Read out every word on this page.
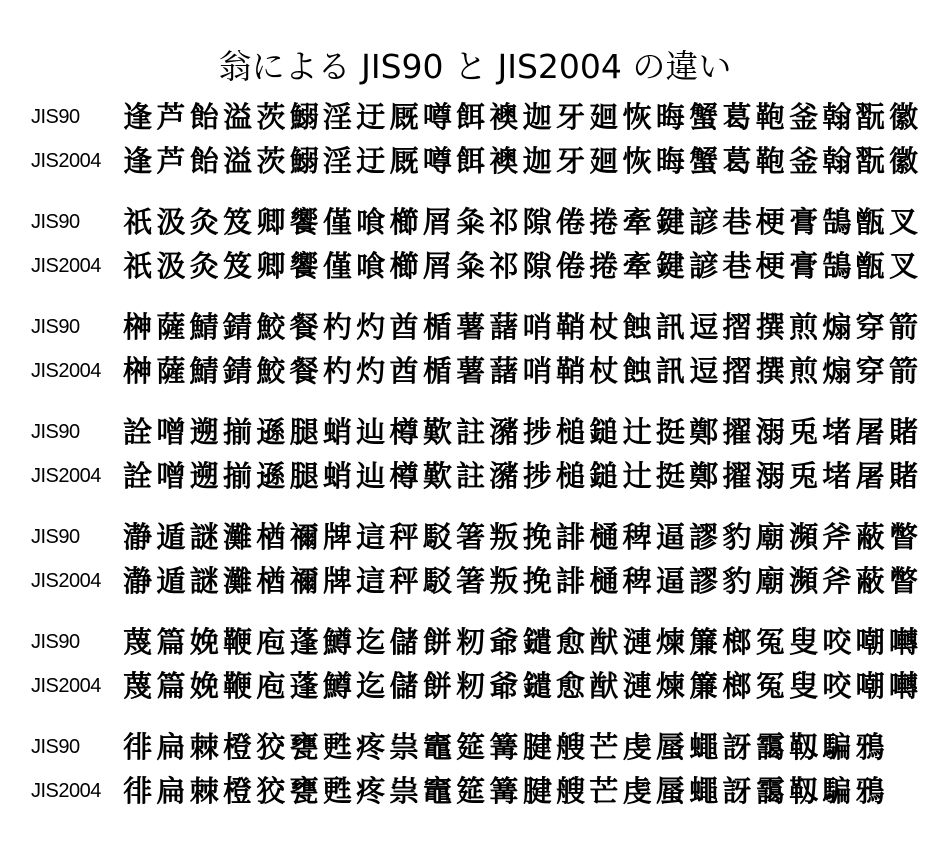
翁による JIS90 と JIS2004 の違い
JIS90 逢 芦 飴 溢 茨 鰯 淫 迂 厩 噂 餌 襖 迦 牙 廻 恢 晦 蟹 葛 鞄 釜 翰 翫 徽
JIS2004 逢 芦 飴 溢 茨 鰯 淫 迂 厩 噂 餌 襖 迦 牙 廻 恢 晦 蟹 葛 鞄 釜 翰 翫 徽
JIS90 祇 汲 灸 笈 卿 饗 僅 喰 櫛 屑 粂 祁 隙 倦 捲 牽 鍵 諺 巷 梗 膏 鵠 甑 叉
JIS2004 祇 汲 灸 笈 卿 饗 僅 喰 櫛 屑 粂 祁 隙 倦 捲 牽 鍵 諺 巷 梗 膏 鵠 甑 叉
JIS90 榊 薩 鯖 錆 鮫 餐 杓 灼 酋 楯 薯 藷 哨 鞘 杖 蝕 訊 逗 摺 撰 煎 煽 穿 箭
JIS2004 榊 薩 鯖 錆 鮫 餐 杓 灼 酋 楯 薯 藷 哨 鞘 杖 蝕 訊 逗 摺 撰 煎 煽 穿 箭
JIS90 詮 噌 遡 揃 遜 腿 蛸 辿 樽 歎 註 瀦 捗 槌 鎚 辻 挺 鄭 擢 溺 兎 堵 屠 賭
JIS2004 詮 噌 遡 揃 遜 腿 蛸 辿 樽 歎 註 瀦 捗 槌 鎚 辻 挺 鄭 擢 溺 兎 堵 屠 賭
JIS90 瀞 遁 謎 灘 楢 禰 牌 這 秤 駁 箸 叛 挽 誹 樋 稗 逼 謬 豹 廟 瀕 斧 蔽 瞥
JIS2004 瀞 遁 謎 灘 楢 禰 牌 這 秤 駁 箸 叛 挽 誹 樋 稗 逼 謬 豹 廟 瀕 斧 蔽 瞥
JIS90 蔑 篇 娩 鞭 庖 蓬 鱒 迄 儲 餅 籾 爺 鑓 愈 猷 漣 煉 簾 榔 冤 叟 咬 嘲 囀
JIS2004 蔑 篇 娩 鞭 庖 蓬 鱒 迄 儲 餅 籾 爺 鑓 愈 猷 漣 煉 簾 榔 冤 叟 咬 嘲 囀
JIS90 徘 扁 棘 橙 狡 甕 甦 疼 祟 竈 筵 篝 腱 艘 芒 虔 蜃 蠅 訝 靄 靱 騙 鴉
JIS2004 徘 扁 棘 橙 狡 甕 甦 疼 祟 竈 筵 篝 腱 艘 芒 虔 蜃 蠅 訝 靄 靱 騙 鴉
